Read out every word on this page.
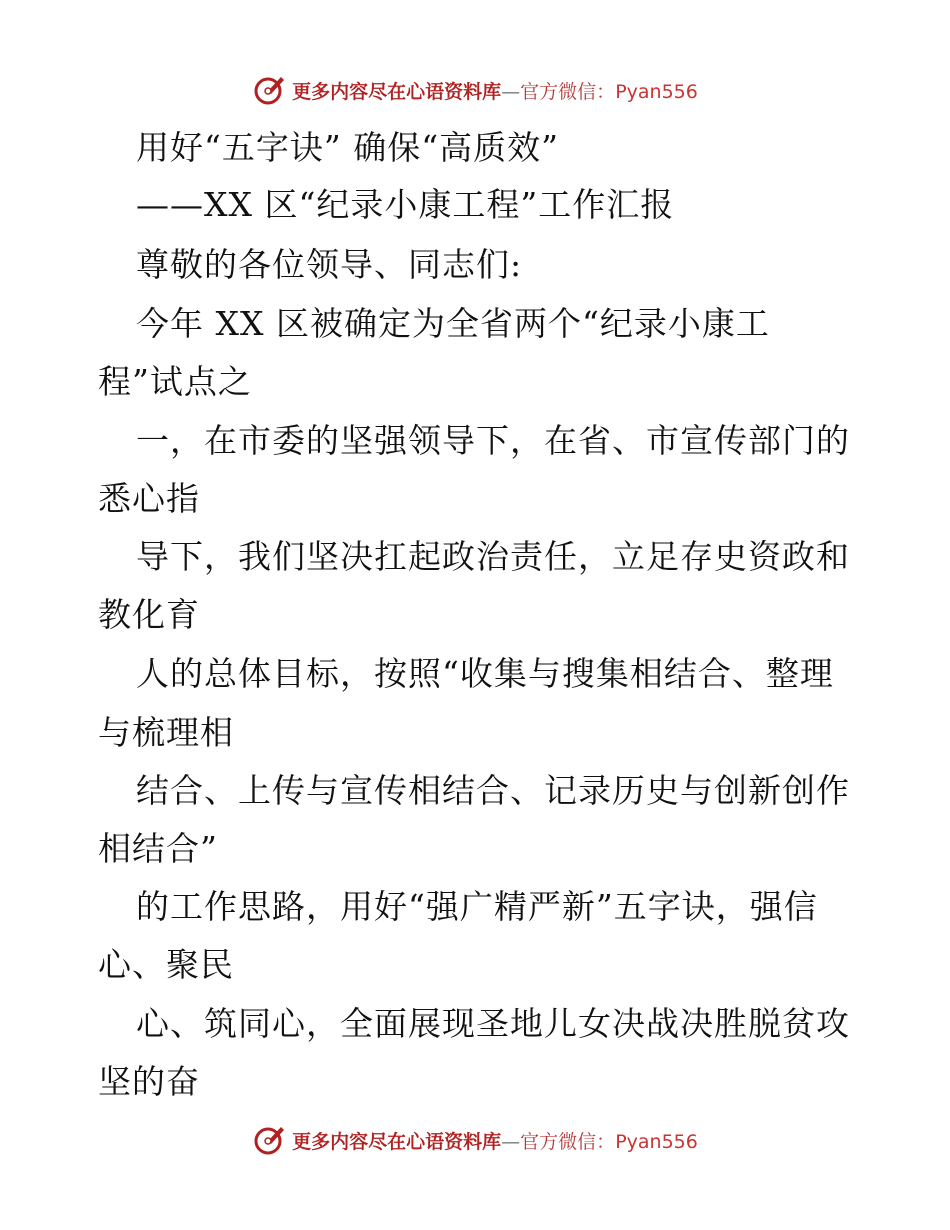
更多内容尽在心语资料库—官方微信：Pyan556
用好“五字诀” 确保“高质效”
——XX 区“纪录小康工程”工作汇报
尊敬的各位领导、同志们:
今年 XX 区被确定为全省两个“纪录小康工
程”试点之
一，在市委的坚强领导下，在省、市宣传部门的
悉心指
导下，我们坚决扛起政治责任，立足存史资政和
教化育
人的总体目标，按照“收集与搜集相结合、整理
与梳理相
结合、上传与宣传相结合、记录历史与创新创作
相结合”
的工作思路，用好“强广精严新”五字诀，强信
心、聚民
心、筑同心，全面展现圣地儿女决战决胜脱贫攻
坚的奋
更多内容尽在心语资料库—官方微信：Pyan556
